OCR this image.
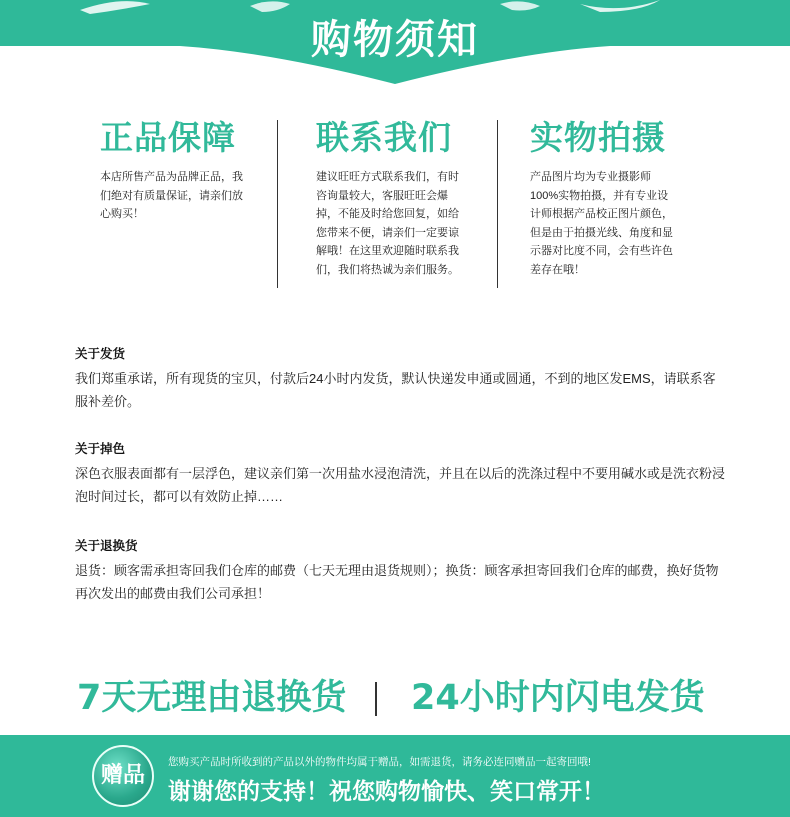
购物须知
正品保障

本店所售产品为品牌正品，我们绝对有质量保证，请亲们放心购买！

联系我们

建议旺旺方式联系我们，有时咨询量较大，客服旺旺会爆掉，不能及时给您回复，如给您带来不便，请亲们一定要谅解哦！在这里欢迎随时联系我们，我们将热诚为亲们服务。

实物拍摄

产品图片均为专业摄影师100%实物拍摄，并有专业设计师根据产品校正图片颜色，但是由于拍摄光线、角度和显示器对比度不同，会有些许色差存在哦！

关于发货

我们郑重承诺，所有现货的宝贝，付款后24小时内发货，默认快递发申通或圆通，不到的地区发EMS，请联系客服补差价。

关于掉色

深色衣服表面都有一层浮色，建议亲们第一次用盐水浸泡清洗，并且在以后的洗涤过程中不要用碱水或是洗衣粉浸泡时间过长，都可以有效防止掉……

关于退换货

退货：顾客需承担寄回我们仓库的邮费（七天无理由退货规则）；换货：顾客承担寄回我们仓库的邮费，换好货物再次发出的邮费由我们公司承担！

7天无理由退换货 24小时内闪电发货
赠品
您购买产品时所收到的产品以外的物件均属于赠品，如需退货，请务必连同赠品一起寄回哦!
谢谢您的支持！祝您购物愉快、笑口常开！
